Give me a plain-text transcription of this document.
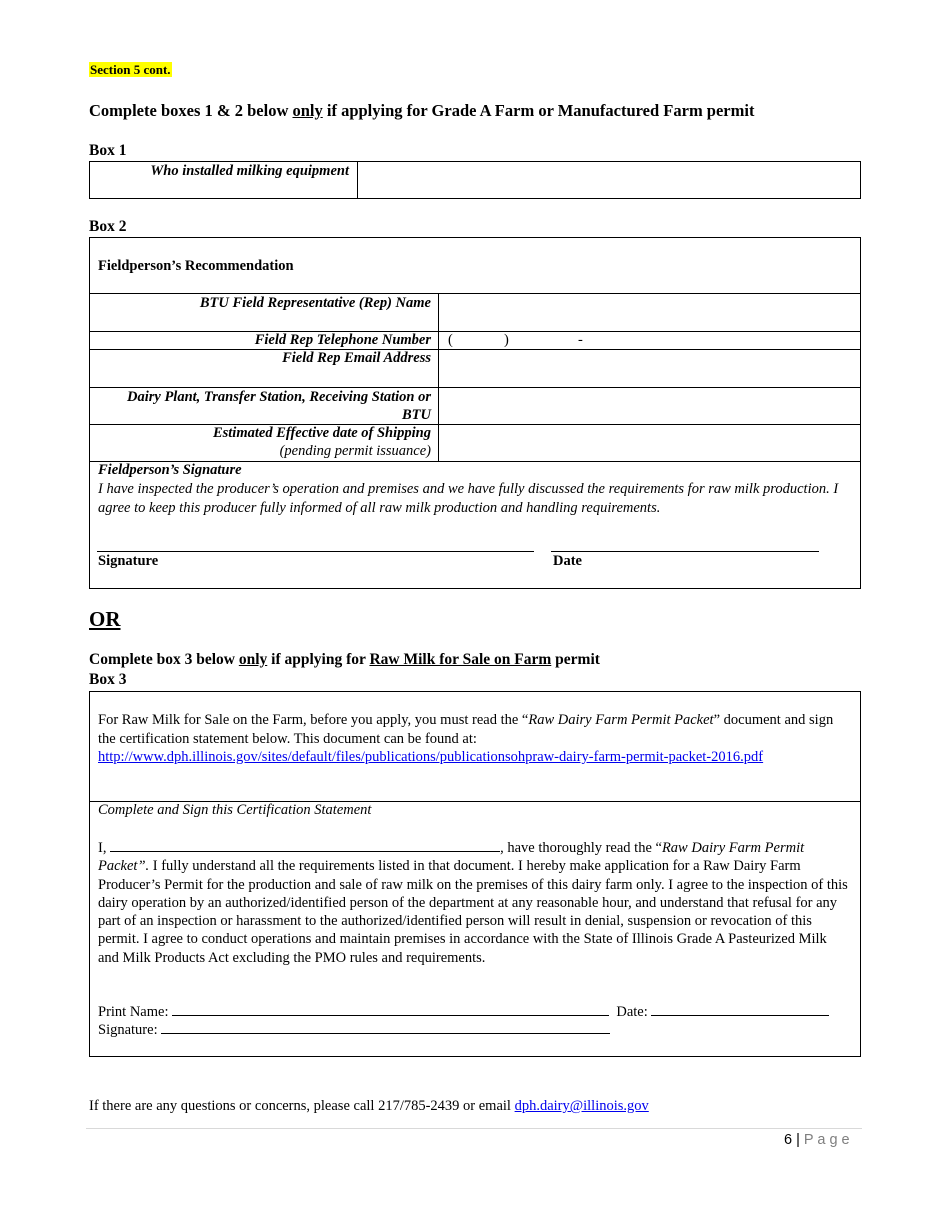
Section 5 cont.
Complete boxes 1 & 2 below only if applying for Grade A Farm or Manufactured Farm permit
Box 1
Who installed milking equipment
Box 2
Fieldperson’s Recommendation
BTU Field Representative (Rep) Name
Field Rep Telephone Number (	)	-
Field Rep Email Address
Dairy Plant, Transfer Station, Receiving Station or BTU
Estimated Effective date of Shipping
(pending permit issuance)
Fieldperson’s Signature
I have inspected the producer’s operation and premises and we have fully discussed the requirements for raw milk production. I agree to keep this producer fully informed of all raw milk production and handling requirements.
Signature	Date
OR
Complete box 3 below only if applying for Raw Milk for Sale on Farm permit
Box 3
For Raw Milk for Sale on the Farm, before you apply, you must read the “Raw Dairy Farm Permit Packet” document and sign the certification statement below. This document can be found at:
http://www.dph.illinois.gov/sites/default/files/publications/publicationsohpraw-dairy-farm-permit-packet-2016.pdf
Complete and Sign this Certification Statement
I,	, have thoroughly read the “Raw Dairy Farm Permit Packet”. I fully understand all the requirements listed in that document. I hereby make application for a Raw Dairy Farm Producer’s Permit for the production and sale of raw milk on the premises of this dairy farm only. I agree to the inspection of this dairy operation by an authorized/identified person of the department at any reasonable hour, and understand that refusal for any part of an inspection or harassment to the authorized/identified person will result in denial, suspension or revocation of this permit. I agree to conduct operations and maintain premises in accordance with the State of Illinois Grade A Pasteurized Milk and Milk Products Act excluding the PMO rules and requirements.
Print Name:	Date:
Signature:
If there are any questions or concerns, please call 217/785-2439 or email dph.dairy@illinois.gov
6 | P a g e
